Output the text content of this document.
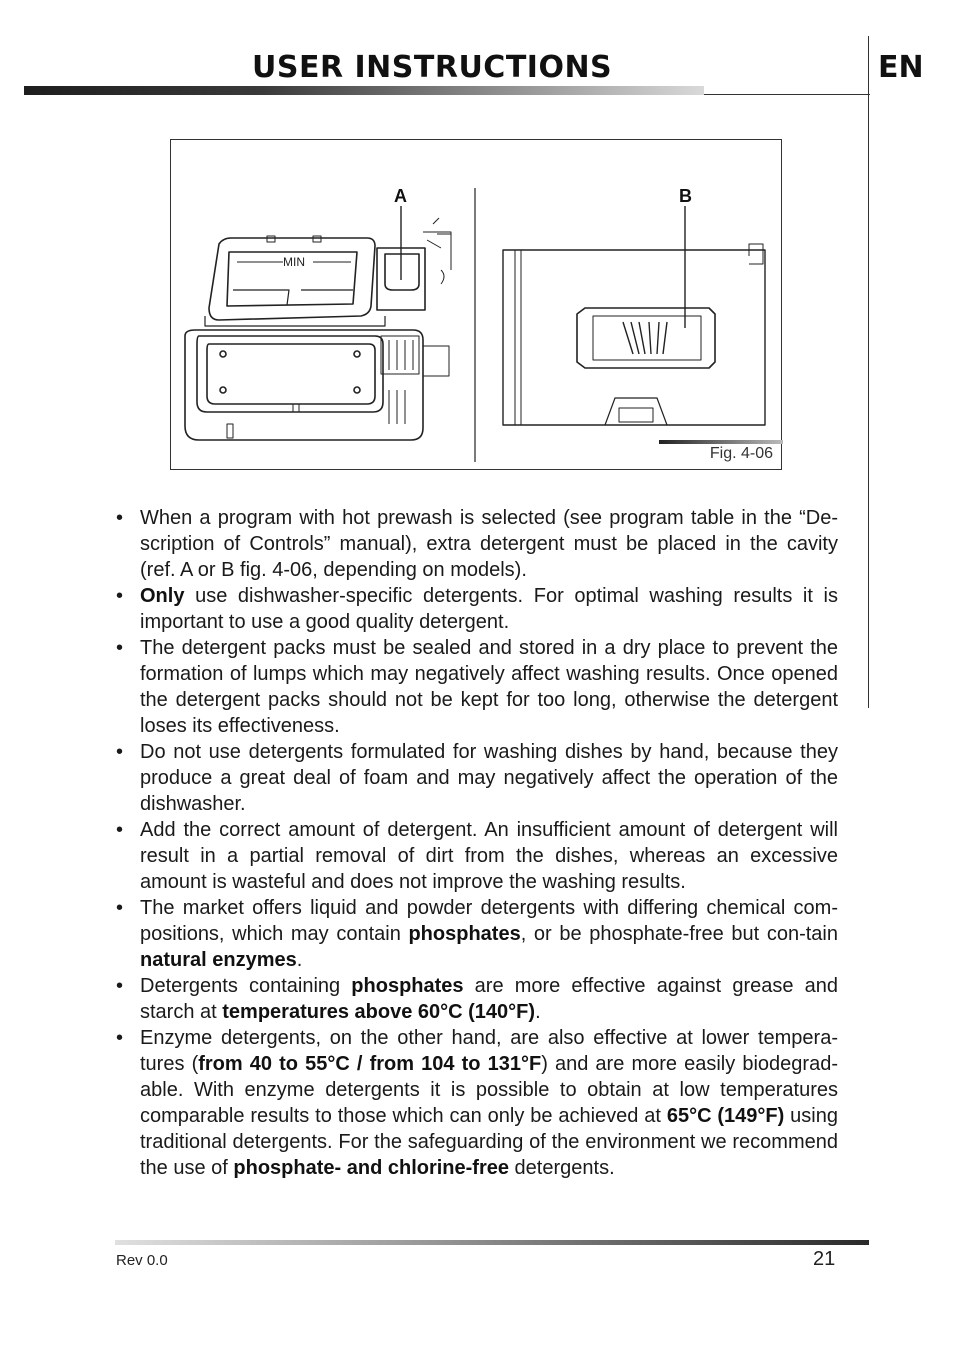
USER INSTRUCTIONS	EN
MIN
A	B
Fig. 4-06
• When a program with hot prewash is selected (see program table in the “De-scription of Controls” manual), extra detergent must be placed in the cavity (ref. A or B fig. 4-06, depending on models).
• Only use dishwasher-specific detergents. For optimal washing results it is important to use a good quality detergent.
• The detergent packs must be sealed and stored in a dry place to prevent the formation of lumps which may negatively affect washing results. Once opened the detergent packs should not be kept for too long, otherwise the detergent loses its effectiveness.
• Do not use detergents formulated for washing dishes by hand, because they produce a great deal of foam and may negatively affect the operation of the dishwasher.
• Add the correct amount of detergent. An insufficient amount of detergent will result in a partial removal of dirt from the dishes, whereas an excessive amount is wasteful and does not improve the washing results.
• The market offers liquid and powder detergents with differing chemical com-positions, which may contain phosphates, or be phosphate-free but con-tain natural enzymes.
• Detergents containing phosphates are more effective against grease and starch at temperatures above 60°C (140°F).
• Enzyme detergents, on the other hand, are also effective at lower tempera-tures (from 40 to 55°C / from 104 to 131°F) and are more easily biodegrad-able. With enzyme detergents it is possible to obtain at low temperatures comparable results to those which can only be achieved at 65°C (149°F) using traditional detergents. For the safeguarding of the environment we recommend the use of phosphate- and chlorine-free detergents.
Rev 0.0	21
